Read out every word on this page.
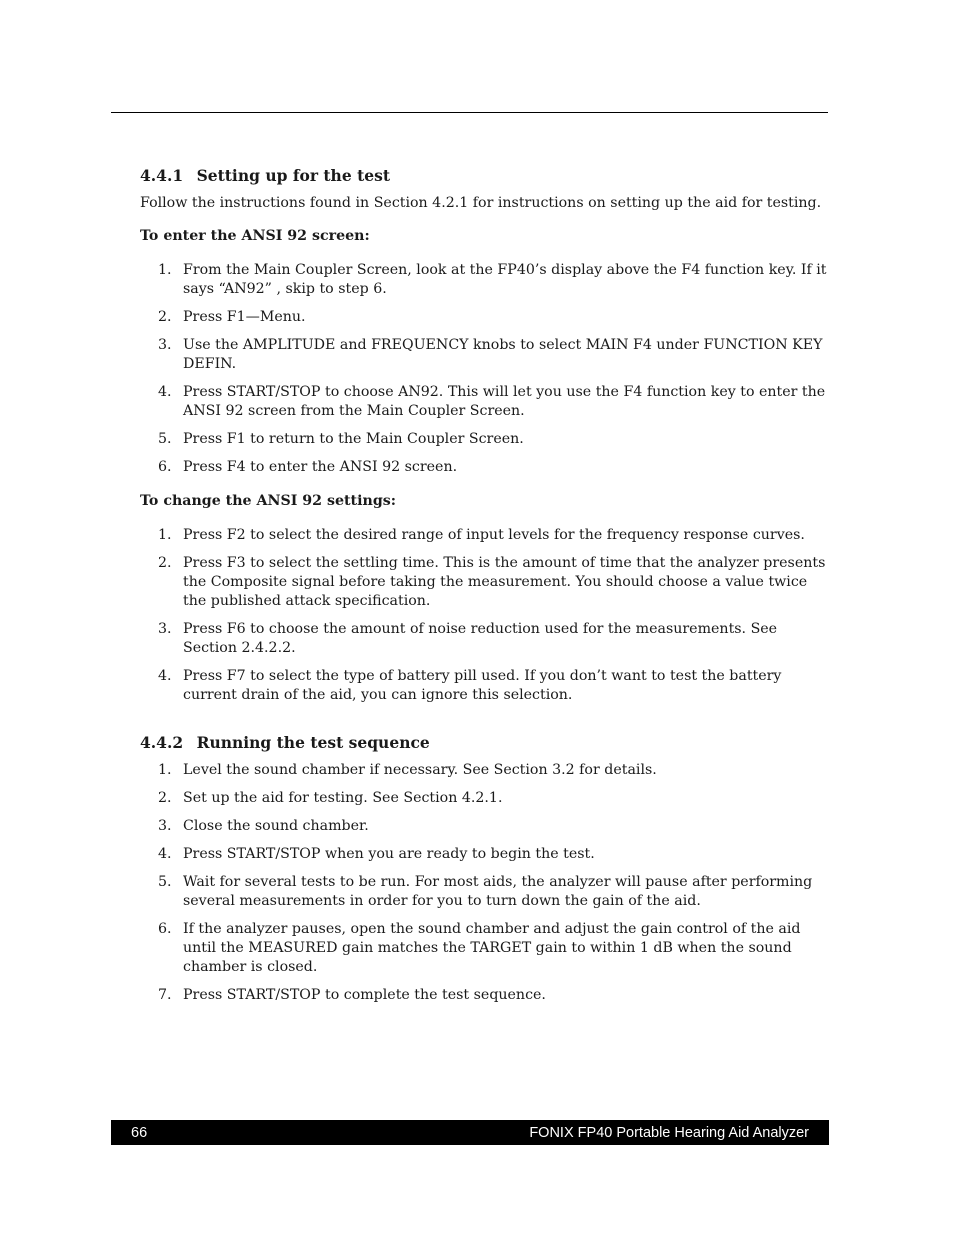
4.4.1 Setting up for the test

Follow the instructions found in Section 4.2.1 for instructions on setting up the aid for testing.

To enter the ANSI 92 screen:

1. From the Main Coupler Screen, look at the FP40’s display above the F4 function key. If it says “AN92” , skip to step 6.
2. Press F1—Menu.
3. Use the AMPLITUDE and FREQUENCY knobs to select MAIN F4 under FUNCTION KEY DEFIN.
4. Press START/STOP to choose AN92. This will let you use the F4 function key to enter the ANSI 92 screen from the Main Coupler Screen.
5. Press F1 to return to the Main Coupler Screen.
6. Press F4 to enter the ANSI 92 screen.

To change the ANSI 92 settings:

1. Press F2 to select the desired range of input levels for the frequency response curves.
2. Press F3 to select the settling time. This is the amount of time that the analyzer presents the Composite signal before taking the measurement. You should choose a value twice the published attack specification.
3. Press F6 to choose the amount of noise reduction used for the measurements. See Section 2.4.2.2.
4. Press F7 to select the type of battery pill used. If you don’t want to test the battery current drain of the aid, you can ignore this selection.
4.4.2 Running the test sequence
1. Level the sound chamber if necessary. See Section 3.2 for details.
2. Set up the aid for testing. See Section 4.2.1.
3. Close the sound chamber.
4. Press START/STOP when you are ready to begin the test.
5. Wait for several tests to be run. For most aids, the analyzer will pause after performing several measurements in order for you to turn down the gain of the aid.
6. If the analyzer pauses, open the sound chamber and adjust the gain control of the aid until the MEASURED gain matches the TARGET gain to within 1 dB when the sound chamber is closed.
7. Press START/STOP to complete the test sequence.
66	FONIX FP40 Portable Hearing Aid Analyzer
